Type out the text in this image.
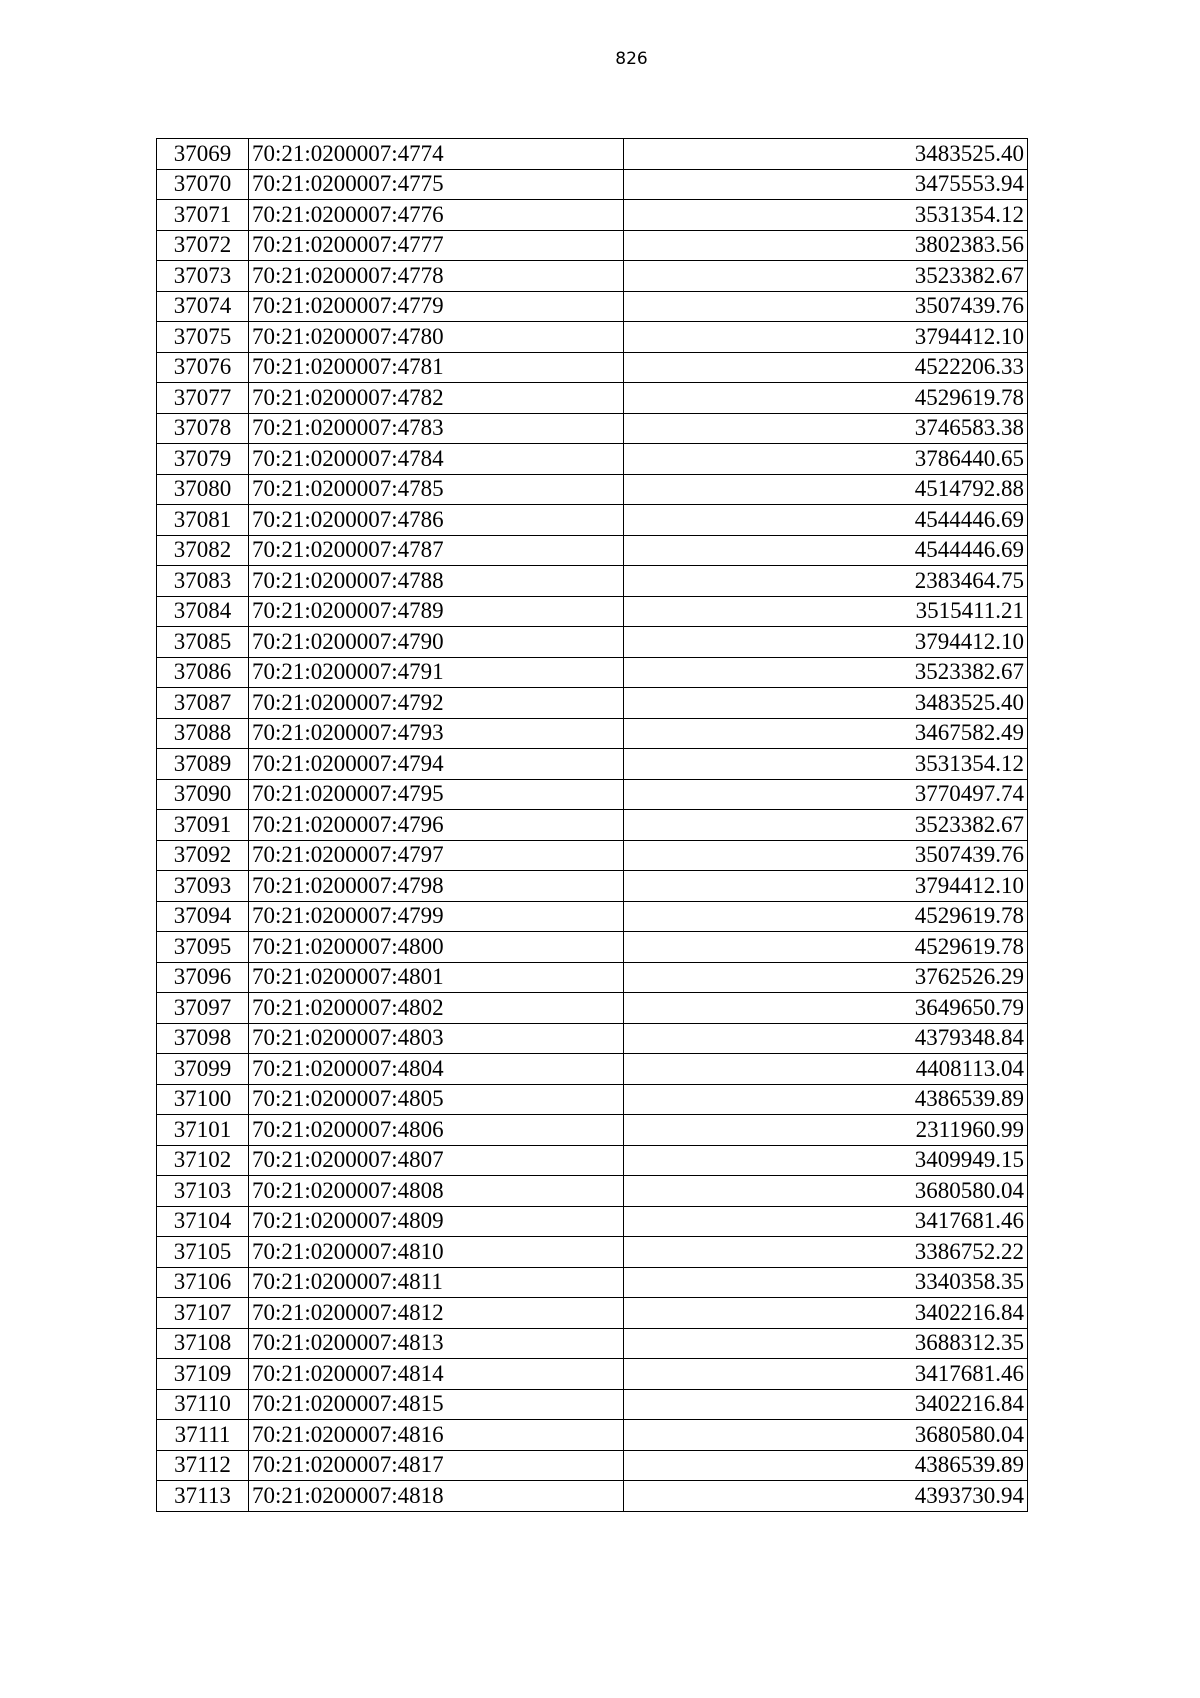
826
37069	70:21:0200007:4774	3483525.40
37070	70:21:0200007:4775	3475553.94
37071	70:21:0200007:4776	3531354.12
37072	70:21:0200007:4777	3802383.56
37073	70:21:0200007:4778	3523382.67
37074	70:21:0200007:4779	3507439.76
37075	70:21:0200007:4780	3794412.10
37076	70:21:0200007:4781	4522206.33
37077	70:21:0200007:4782	4529619.78
37078	70:21:0200007:4783	3746583.38
37079	70:21:0200007:4784	3786440.65
37080	70:21:0200007:4785	4514792.88
37081	70:21:0200007:4786	4544446.69
37082	70:21:0200007:4787	4544446.69
37083	70:21:0200007:4788	2383464.75
37084	70:21:0200007:4789	3515411.21
37085	70:21:0200007:4790	3794412.10
37086	70:21:0200007:4791	3523382.67
37087	70:21:0200007:4792	3483525.40
37088	70:21:0200007:4793	3467582.49
37089	70:21:0200007:4794	3531354.12
37090	70:21:0200007:4795	3770497.74
37091	70:21:0200007:4796	3523382.67
37092	70:21:0200007:4797	3507439.76
37093	70:21:0200007:4798	3794412.10
37094	70:21:0200007:4799	4529619.78
37095	70:21:0200007:4800	4529619.78
37096	70:21:0200007:4801	3762526.29
37097	70:21:0200007:4802	3649650.79
37098	70:21:0200007:4803	4379348.84
37099	70:21:0200007:4804	4408113.04
37100	70:21:0200007:4805	4386539.89
37101	70:21:0200007:4806	2311960.99
37102	70:21:0200007:4807	3409949.15
37103	70:21:0200007:4808	3680580.04
37104	70:21:0200007:4809	3417681.46
37105	70:21:0200007:4810	3386752.22
37106	70:21:0200007:4811	3340358.35
37107	70:21:0200007:4812	3402216.84
37108	70:21:0200007:4813	3688312.35
37109	70:21:0200007:4814	3417681.46
37110	70:21:0200007:4815	3402216.84
37111	70:21:0200007:4816	3680580.04
37112	70:21:0200007:4817	4386539.89
37113	70:21:0200007:4818	4393730.94
